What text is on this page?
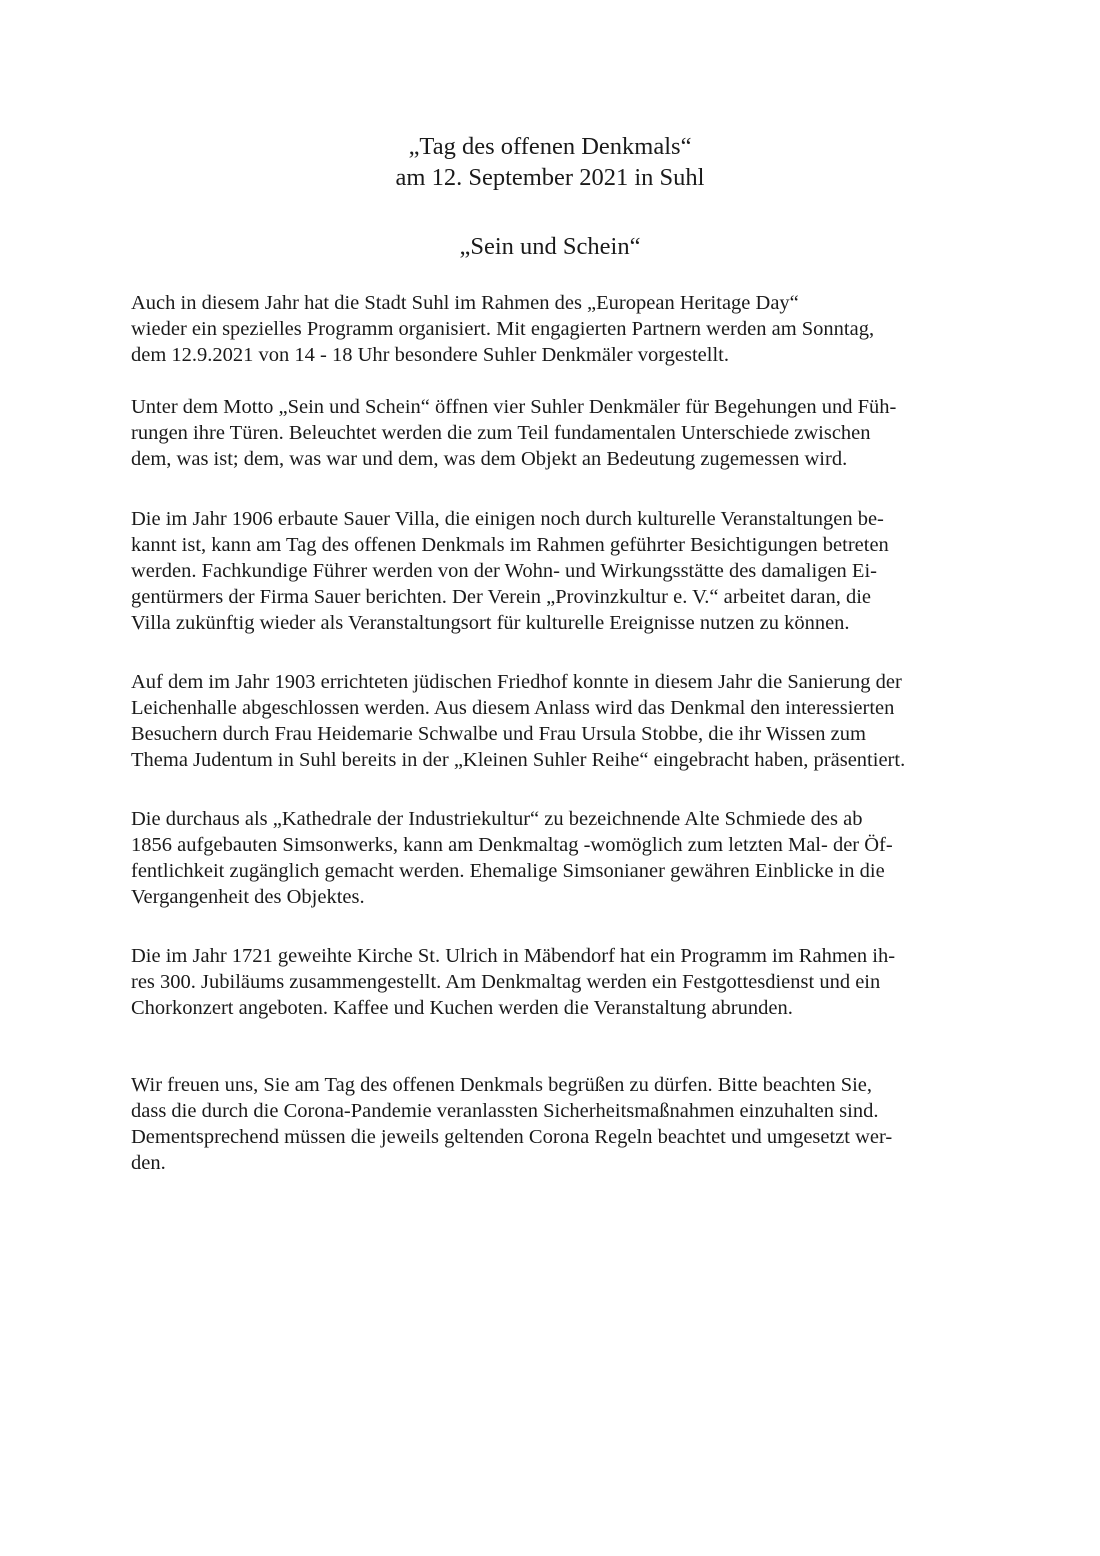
„Tag des offenen Denkmals“
am 12. September 2021 in Suhl
„Sein und Schein“
Auch in diesem Jahr hat die Stadt Suhl im Rahmen des „European Heritage Day“
wieder ein spezielles Programm organisiert. Mit engagierten Partnern werden am Sonntag,
dem 12.9.2021 von 14 - 18 Uhr besondere Suhler Denkmäler vorgestellt.
Unter dem Motto „Sein und Schein“ öffnen vier Suhler Denkmäler für Begehungen und Füh-
rungen ihre Türen. Beleuchtet werden die zum Teil fundamentalen Unterschiede zwischen
dem, was ist; dem, was war und dem, was dem Objekt an Bedeutung zugemessen wird.
Die im Jahr 1906 erbaute Sauer Villa, die einigen noch durch kulturelle Veranstaltungen be-
kannt ist, kann am Tag des offenen Denkmals im Rahmen geführter Besichtigungen betreten
werden. Fachkundige Führer werden von der Wohn- und Wirkungsstätte des damaligen Ei-
gentürmers der Firma Sauer berichten. Der Verein „Provinzkultur e. V.“ arbeitet daran, die
Villa zukünftig wieder als Veranstaltungsort für kulturelle Ereignisse nutzen zu können.
Auf dem im Jahr 1903 errichteten jüdischen Friedhof konnte in diesem Jahr die Sanierung der
Leichenhalle abgeschlossen werden. Aus diesem Anlass wird das Denkmal den interessierten
Besuchern durch Frau Heidemarie Schwalbe und Frau Ursula Stobbe, die ihr Wissen zum
Thema Judentum in Suhl bereits in der „Kleinen Suhler Reihe“ eingebracht haben, präsentiert.
Die durchaus als „Kathedrale der Industriekultur“ zu bezeichnende Alte Schmiede des ab
1856 aufgebauten Simsonwerks, kann am Denkmaltag -womöglich zum letzten Mal- der Öf-
fentlichkeit zugänglich gemacht werden. Ehemalige Simsonianer gewähren Einblicke in die
Vergangenheit des Objektes.
Die im Jahr 1721 geweihte Kirche St. Ulrich in Mäbendorf hat ein Programm im Rahmen ih-
res 300. Jubiläums zusammengestellt. Am Denkmaltag werden ein Festgottesdienst und ein
Chorkonzert angeboten. Kaffee und Kuchen werden die Veranstaltung abrunden.
Wir freuen uns, Sie am Tag des offenen Denkmals begrüßen zu dürfen. Bitte beachten Sie,
dass die durch die Corona-Pandemie veranlassten Sicherheitsmaßnahmen einzuhalten sind.
Dementsprechend müssen die jeweils geltenden Corona Regeln beachtet und umgesetzt wer-
den.
